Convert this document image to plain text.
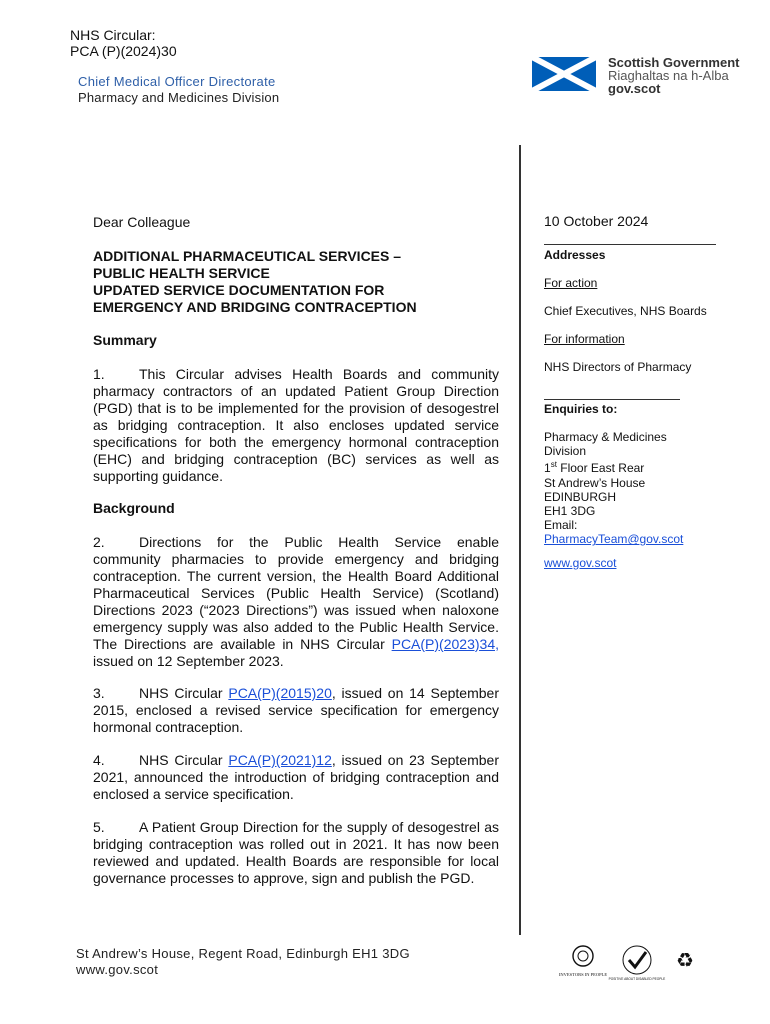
NHS Circular:
PCA (P)(2024)30
Chief Medical Officer Directorate
Pharmacy and Medicines Division
Scottish Government
Riaghaltas na h-Alba
gov.scot
Dear Colleague
ADDITIONAL PHARMACEUTICAL SERVICES –
PUBLIC HEALTH SERVICE
UPDATED SERVICE DOCUMENTATION FOR
EMERGENCY AND BRIDGING CONTRACEPTION
Summary
1. This Circular advises Health Boards and community pharmacy contractors of an updated Patient Group Direction (PGD) that is to be implemented for the provision of desogestrel as bridging contraception. It also encloses updated service specifications for both the emergency hormonal contraception (EHC) and bridging contraception (BC) services as well as supporting guidance.
Background
2. Directions for the Public Health Service enable community pharmacies to provide emergency and bridging contraception. The current version, the Health Board Additional Pharmaceutical Services (Public Health Service) (Scotland) Directions 2023 (“2023 Directions”) was issued when naloxone emergency supply was also added to the Public Health Service. The Directions are available in NHS Circular PCA(P)(2023)34, issued on 12 September 2023.
3. NHS Circular PCA(P)(2015)20, issued on 14 September 2015, enclosed a revised service specification for emergency hormonal contraception.
4. NHS Circular PCA(P)(2021)12, issued on 23 September 2021, announced the introduction of bridging contraception and enclosed a service specification.
5. A Patient Group Direction for the supply of desogestrel as bridging contraception was rolled out in 2021. It has now been reviewed and updated. Health Boards are responsible for local governance processes to approve, sign and publish the PGD.
10 October 2024
Addresses
For action
Chief Executives, NHS Boards
For information
NHS Directors of Pharmacy
Enquiries to:
Pharmacy & Medicines
Division
1st Floor East Rear
St Andrew’s House
EDINBURGH
EH1 3DG
Email:
PharmacyTeam@gov.scot
www.gov.scot
St Andrew’s House, Regent Road, Edinburgh EH1 3DG
www.gov.scot	INVESTORS IN PEOPLE
POSITIVE ABOUT DISABLED PEOPLE
♻
